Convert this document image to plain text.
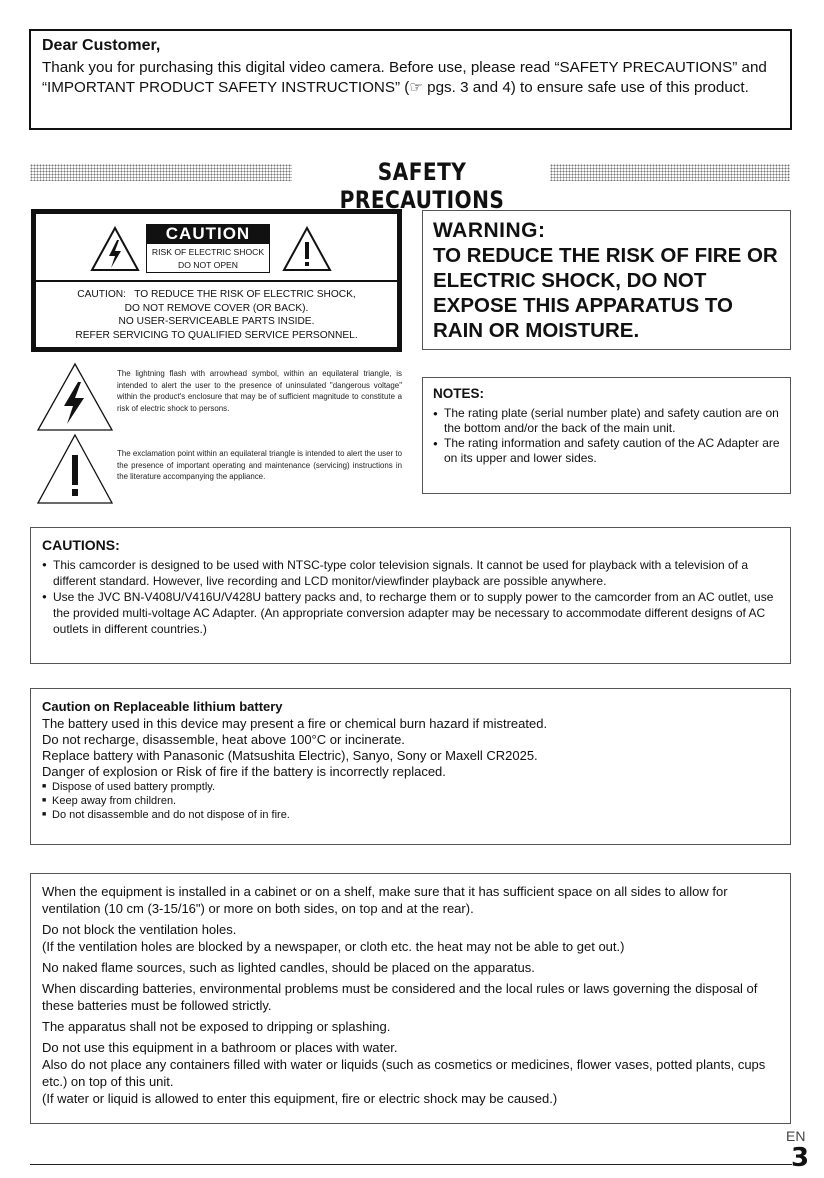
Dear Customer,
Thank you for purchasing this digital video camera. Before use, please read “SAFETY PRECAUTIONS” and “IMPORTANT PRODUCT SAFETY INSTRUCTIONS” (☞ pgs. 3 and 4) to ensure safe use of this product.
SAFETY PRECAUTIONS
CAUTION
RISK OF ELECTRIC SHOCK
DO NOT OPEN
CAUTION:   TO REDUCE THE RISK OF ELECTRIC SHOCK,
DO NOT REMOVE COVER (OR BACK).
NO USER-SERVICEABLE PARTS INSIDE.
REFER SERVICING TO QUALIFIED SERVICE PERSONNEL.
The lightning flash with arrowhead symbol, within an equilateral triangle, is intended to alert the user to the presence of uninsulated "dangerous voltage" within the product's enclosure that may be of sufficient magnitude to constitute a risk of electric shock to persons.
The exclamation point within an equilateral triangle is intended to alert the user to the presence of important operating and maintenance (servicing) instructions in the literature accompanying the appliance.
WARNING:
TO REDUCE THE RISK OF FIRE OR ELECTRIC SHOCK, DO NOT EXPOSE THIS APPARATUS TO RAIN OR MOISTURE.
NOTES:
● The rating plate (serial number plate) and safety caution are on the bottom and/or the back of the main unit.
● The rating information and safety caution of the AC Adapter are on its upper and lower sides.
CAUTIONS:
● This camcorder is designed to be used with NTSC-type color television signals. It cannot be used for playback with a television of a different standard. However, live recording and LCD monitor/viewfinder playback are possible anywhere.
● Use the JVC BN-V408U/V416U/V428U battery packs and, to recharge them or to supply power to the camcorder from an AC outlet, use the provided multi-voltage AC Adapter. (An appropriate conversion adapter may be necessary to accommodate different designs of AC outlets in different countries.)
Caution on Replaceable lithium battery
The battery used in this device may present a fire or chemical burn hazard if mistreated.
Do not recharge, disassemble, heat above 100°C or incinerate.
Replace battery with Panasonic (Matsushita Electric), Sanyo, Sony or Maxell CR2025.
Danger of explosion or Risk of fire if the battery is incorrectly replaced.
■ Dispose of used battery promptly.
■ Keep away from children.
■ Do not disassemble and do not dispose of in fire.
When the equipment is installed in a cabinet or on a shelf, make sure that it has sufficient space on all sides to allow for ventilation (10 cm (3-15/16") or more on both sides, on top and at the rear).
Do not block the ventilation holes.
(If the ventilation holes are blocked by a newspaper, or cloth etc. the heat may not be able to get out.)
No naked flame sources, such as lighted candles, should be placed on the apparatus.
When discarding batteries, environmental problems must be considered and the local rules or laws governing the disposal of these batteries must be followed strictly.
The apparatus shall not be exposed to dripping or splashing.
Do not use this equipment in a bathroom or places with water.
Also do not place any containers filled with water or liquids (such as cosmetics or medicines, flower vases, potted plants, cups etc.) on top of this unit.
(If water or liquid is allowed to enter this equipment, fire or electric shock may be caused.)
EN
3
